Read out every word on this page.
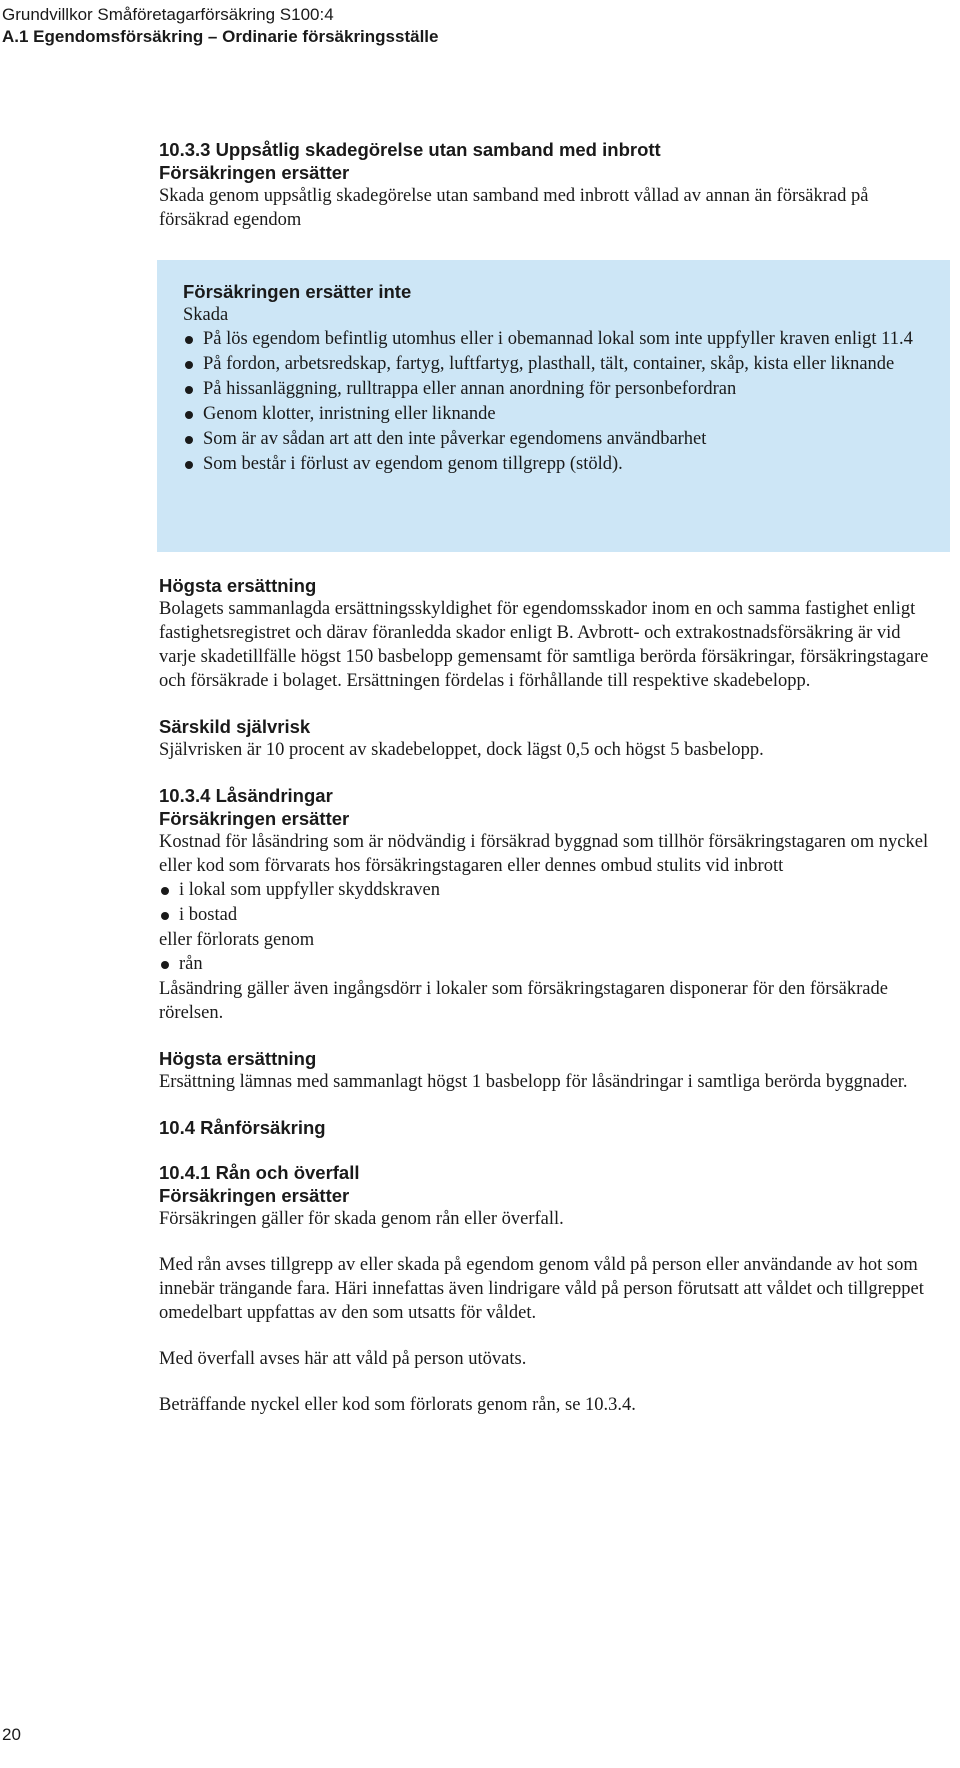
Grundvillkor Småföretagarförsäkring S100:4
A.1 Egendomsförsäkring – Ordinarie försäkringsställe
10.3.3 Uppsåtlig skadegörelse utan samband med inbrott
Försäkringen ersätter

Skada genom uppsåtlig skadegörelse utan samband med inbrott vållad av annan än försäkrad på försäkrad egendom

Försäkringen ersätter inte
Skada
På lös egendom befintlig utomhus eller i obemannad lokal som inte uppfyller kraven enligt 11.4
På fordon, arbetsredskap, fartyg, luftfartyg, plasthall, tält, container, skåp, kista eller liknande
På hissanläggning, rulltrappa eller annan anordning för personbefordran
Genom klotter, inristning eller liknande
Som är av sådan art att den inte påverkar egendomens användbarhet
Som består i förlust av egendom genom tillgrepp (stöld).
Högsta ersättning

Bolagets sammanlagda ersättningsskyldighet för egendomsskador inom en och samma fastighet enligt fastighetsregistret och därav föranledda skador enligt B. Avbrott- och extrakostnadsförsäkring är vid varje skadetillfälle högst 150 basbelopp gemensamt för samtliga berörda försäkringar, försäkringstagare och försäkrade i bolaget. Ersättningen fördelas i förhållande till respektive skadebelopp.

Särskild självrisk

Självrisken är 10 procent av skadebeloppet, dock lägst 0,5 och högst 5 basbelopp.

10.3.4 Låsändringar
Försäkringen ersätter

Kostnad för låsändring som är nödvändig i försäkrad byggnad som tillhör försäkringstagaren om nyckel eller kod som förvarats hos försäkringstagaren eller dennes ombud stulits vid inbrott

i lokal som uppfyller skyddskraven
i bostad

eller förlorats genom

rån

Låsändring gäller även ingångsdörr i lokaler som försäkringstagaren disponerar för den försäkrade rörelsen.

Högsta ersättning

Ersättning lämnas med sammanlagt högst 1 basbelopp för låsändringar i samtliga berörda byggnader.

10.4 Rånförsäkring
10.4.1 Rån och överfall
Försäkringen ersätter

Försäkringen gäller för skada genom rån eller överfall.

Med rån avses tillgrepp av eller skada på egendom genom våld på person eller användande av hot som innebär trängande fara. Häri innefattas även lindrigare våld på person förutsatt att våldet och tillgreppet omedelbart uppfattas av den som utsatts för våldet.

Med överfall avses här att våld på person utövats.

Beträffande nyckel eller kod som förlorats genom rån, se 10.3.4.

20
